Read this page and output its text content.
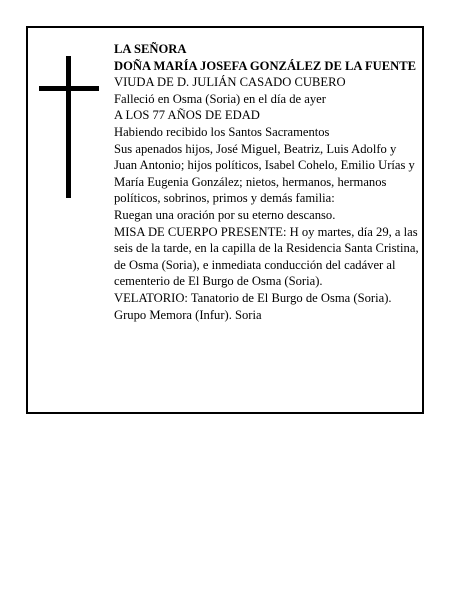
LA SEÑORA

DOÑA MARÍA JOSEFA GONZÁLEZ DE LA FUENTE

VIUDA DE D. JULIÁN CASADO CUBERO

Falleció en Osma (Soria) en el día de ayer

A LOS 77 AÑOS DE EDAD

Habiendo recibido los Santos Sacramentos

Sus apenados hijos, José Miguel, Beatriz, Luis Adolfo y Juan Antonio; hijos políticos, Isabel Cohelo, Emilio Urías y María Eugenia González; nietos, hermanos, hermanos políticos, sobrinos, primos y demás familia:

Ruegan una oración por su eterno descanso.

MISA DE CUERPO PRESENTE: H oy martes, día 29, a las seis de la tarde, en la capilla de la Residencia Santa Cristina, de Osma (Soria), e inmediata conducción del cadáver al cementerio de El Burgo de Osma (Soria).

VELATORIO: Tanatorio de El Burgo de Osma (Soria).

Grupo Memora (Infur). Soria
